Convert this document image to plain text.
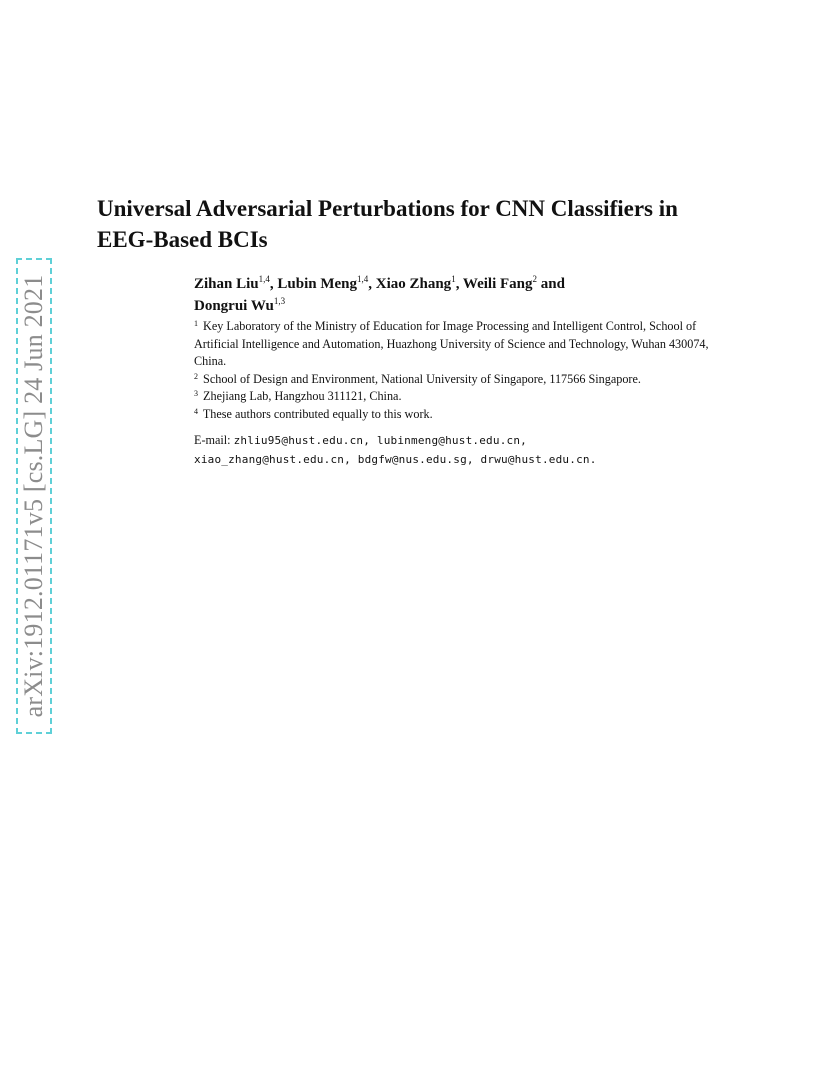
arXiv:1912.01171v5 [cs.LG] 24 Jun 2021
Universal Adversarial Perturbations for CNN Classifiers in
EEG-Based BCIs
Zihan Liu$^{1,4}$, Lubin Meng$^{1,4}$, Xiao Zhang$^1$, Weili Fang$^2$ and
Dongrui Wu$^{1,3}$
$^1$ Key Laboratory of the Ministry of Education for Image Processing and Intelligent Control, School of Artificial Intelligence and Automation, Huazhong University of Science and Technology, Wuhan 430074, China.
$^2$ School of Design and Environment, National University of Singapore, 117566 Singapore.
$^3$ Zhejiang Lab, Hangzhou 311121, China.
$^4$ These authors contributed equally to this work.
E-mail: zhliu95@hust.edu.cn, lubinmeng@hust.edu.cn,
xiao_zhang@hust.edu.cn, bdgfw@nus.edu.sg, drwu@hust.edu.cn.
